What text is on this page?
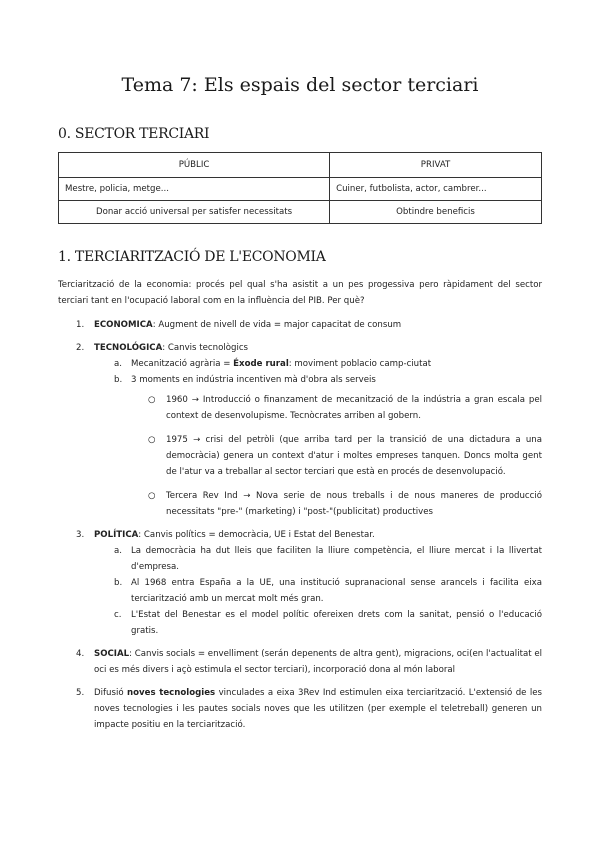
Tema 7: Els espais del sector terciari
0. SECTOR TERCIARI
PÚBLIC	PRIVAT
Mestre, policia, metge...	Cuiner, futbolista, actor, cambrer...
Donar acció universal per satisfer necessitats	Obtindre beneficis
1. TERCIARITZACIÓ DE L'ECONOMIA

Terciarització de la economia: procés pel qual s'ha asistit a un pes progessiva pero ràpidament del sector terciari tant en l'ocupació laboral com en la influència del PIB. Per què?

1. ECONOMICA: Augment de nivell de vida = major capacitat de consum
2. TECNOLÓGICA: Canvis tecnològics
a. Mecanització agrària = Éxode rural: moviment poblacio camp-ciutat
b. 3 moments en indústria incentiven mà d'obra als serveis
○ 1960 → Introducció o finanzament de mecanització de la indústria a gran escala pel context de desenvolupisme. Tecnòcrates arriben al gobern.
○ 1975 → crisi del petròli (que arriba tard per la transició de una dictadura a una democràcia) genera un context d'atur i moltes empreses tanquen. Doncs molta gent de l'atur va a treballar al sector terciari que està en procés de desenvolupació.
○ Tercera Rev Ind → Nova serie de nous treballs i de nous maneres de producció necessitats "pre-" (marketing) i "post-"(publicitat) productives
3. POLÍTICA: Canvis polítics = democràcia, UE i Estat del Benestar.
a. La democràcia ha dut lleis que faciliten la lliure competència, el lliure mercat i la llivertat d'empresa.
b. Al 1968 entra España a la UE, una institució supranacional sense arancels i facilita eixa terciarització amb un mercat molt més gran.
c. L'Estat del Benestar es el model polític ofereixen drets com la sanitat, pensió o l'educació gratis.
4. SOCIAL: Canvis socials = envelliment (serán depenents de altra gent), migracions, oci(en l'actualitat el oci es més divers i açò estimula el sector terciari), incorporació dona al món laboral
5. Difusió noves tecnologies vinculades a eixa 3Rev Ind estimulen eixa terciarització. L'extensió de les noves tecnologies i les pautes socials noves que les utilitzen (per exemple el teletreball) generen un impacte positiu en la terciarització.
